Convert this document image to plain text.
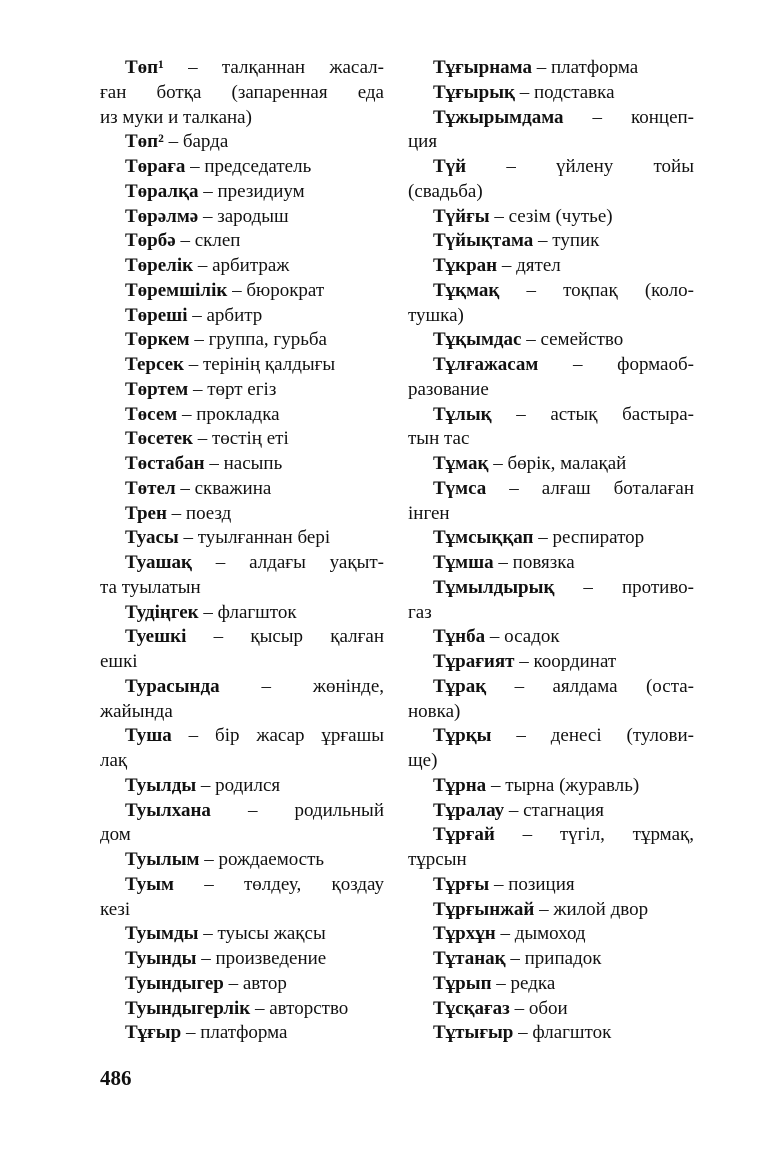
Төп¹ – талқаннан жасал-
ған ботқа (запаренная еда
из муки и талкана)
Төп² – барда
Төраға – председатель
Төралқа – президиум
Төрәлмә – зародыш
Төрбә – склеп
Төрелік – арбитраж
Төремшілік – бюрократ
Төреші – арбитр
Төркем – группа, гурьба
Терсек – терінің қалдығы
Төртем – төрт егіз
Төсем – прокладка
Төсетек – төстің еті
Төстабан – насыпь
Төтел – скважина
Трен – поезд
Туасы – туылғаннан бері
Туашақ – алдағы уақыт-
та туылатын
Тудіңгек – флагшток
Туешкі – қысыр қалған
ешкі
Турасында – жөнінде,
жайында
Туша – бір жасар ұрғашы
лақ
Туылды – родился
Туылхана – родильный
дом
Туылым – рождаемость
Туым – төлдеу, қоздау
кезі
Туымды – туысы жақсы
Туынды – произведение
Туындыгер – автор
Туындыгерлік – авторство
Тұғыр – платформа
Тұғырнама – платформа
Тұғырық – подставка
Тұжырымдама – концеп-
ция
Түй – үйлену тойы
(свадьба)
Түйғы – сезім (чутье)
Түйықтама – тупик
Тұкран – дятел
Тұқмақ – тоқпақ (коло-
тушка)
Тұқымдас – семейство
Тұлғажасам – формаоб-
разование
Тұлық – астық бастыра-
тын тас
Тұмақ – бөрік, малақай
Түмса – алғаш боталаған
інген
Тұмсыққап – респиратор
Тұмша – повязка
Тұмылдырық – противо-
газ
Тұнба – осадок
Тұрағият – координат
Тұрақ – аялдама (оста-
новка)
Тұрқы – денесі (тулови-
ще)
Тұрна – тырна (журавль)
Тұралау – стагнация
Тұрғай – түгіл, тұрмақ,
тұрсын
Тұрғы – позиция
Тұрғынжай – жилой двор
Тұрхұн – дымоход
Тұтанақ – припадок
Тұрып – редка
Тұсқағаз – обои
Тұтығыр – флагшток
486
